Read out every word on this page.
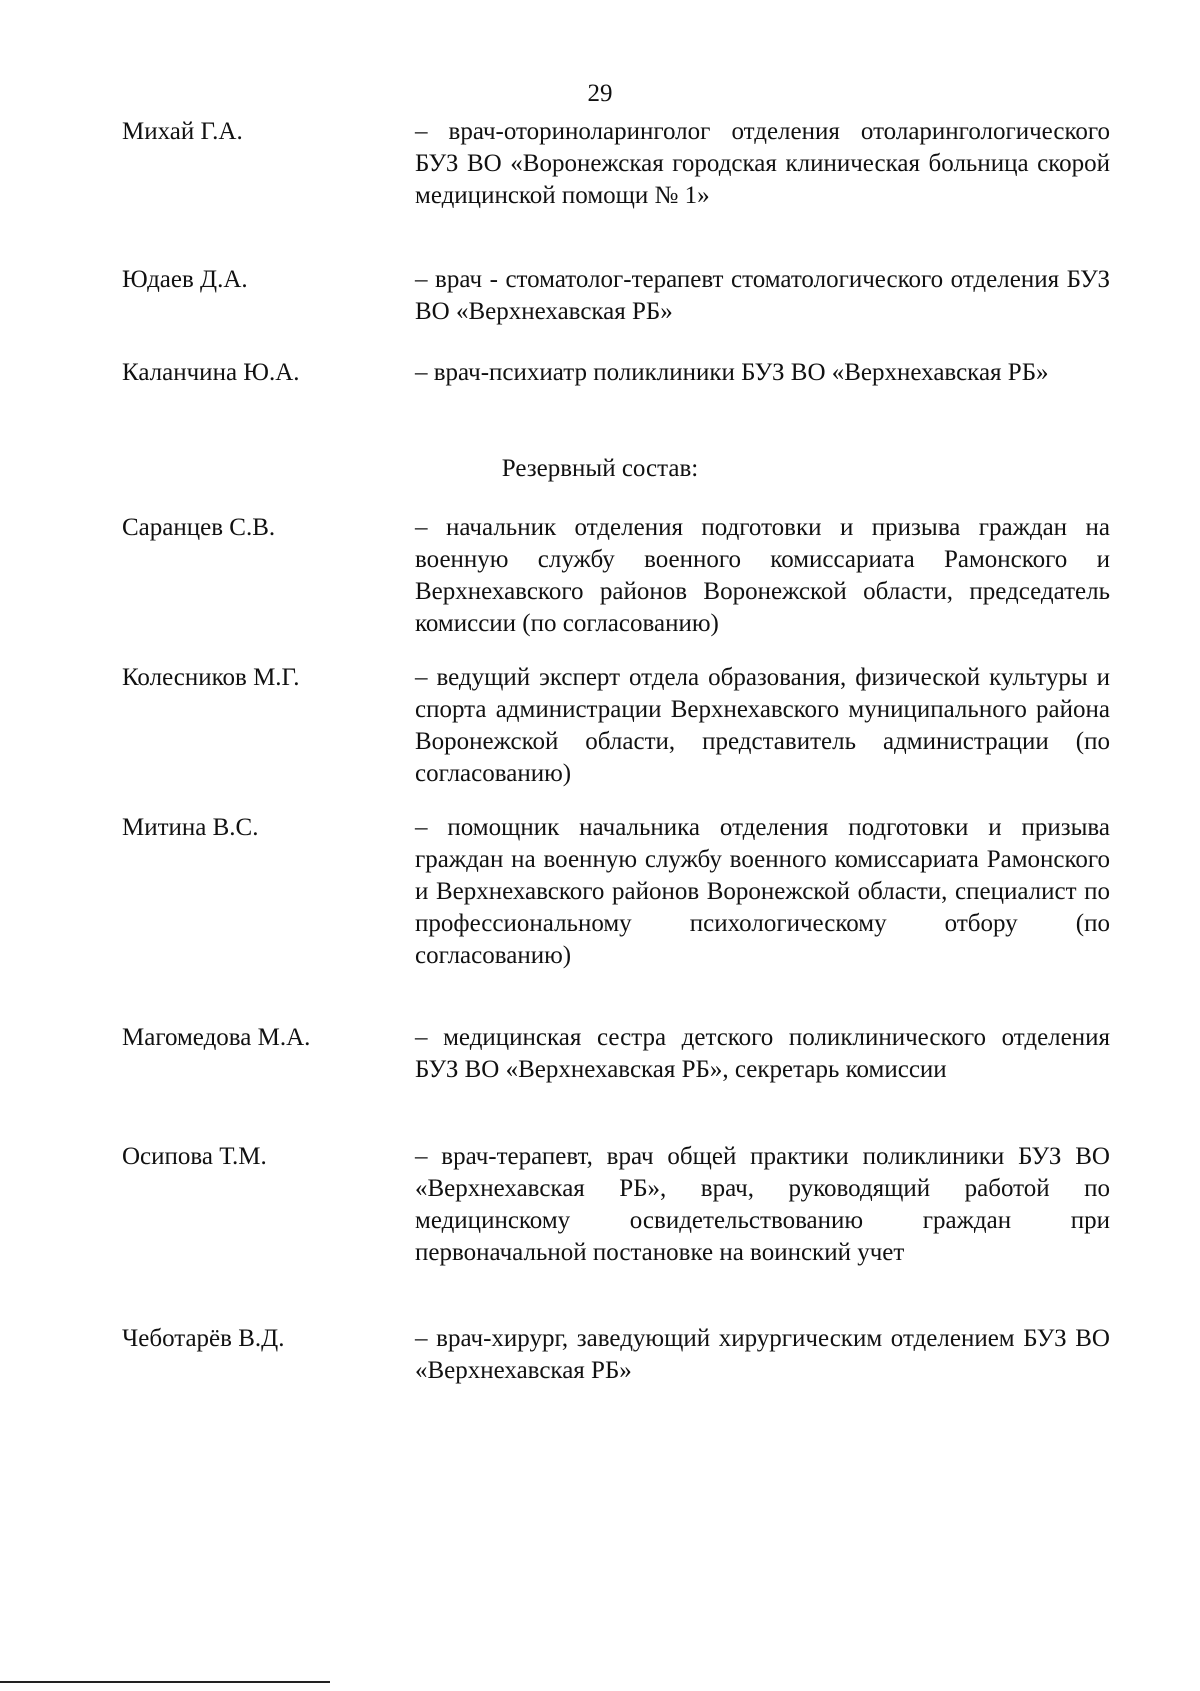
29
Михай Г.А.	– врач-оториноларинголог отделения отоларингологического БУЗ ВО «Воронежская городская клиническая больница скорой медицинской помощи № 1»
Юдаев Д.А.	– врач - стоматолог-терапевт стоматологического отделения БУЗ ВО «Верхнехавская РБ»
Каланчина Ю.А.	– врач-психиатр поликлиники БУЗ ВО «Верхнехавская РБ»
Резервный состав:
Саранцев С.В.	– начальник отделения подготовки и призыва граждан на военную службу военного комиссариата Рамонского и Верхнехавского районов Воронежской области, председатель комиссии (по согласованию)
Колесников М.Г.	– ведущий эксперт отдела образования, физической культуры и спорта администрации Верхнехавского муниципального района Воронежской области, представитель администрации (по согласованию)
Митина В.С.	– помощник начальника отделения подготовки и призыва граждан на военную службу военного комиссариата Рамонского и Верхнехавского районов Воронежской области, специалист по профессиональному психологическому отбору (по согласованию)
Магомедова М.А.	– медицинская сестра детского поликлинического отделения БУЗ ВО «Верхнехавская РБ», секретарь комиссии
Осипова Т.М.	– врач-терапевт, врач общей практики поликлиники БУЗ ВО «Верхнехавская РБ», врач, руководящий работой по медицинскому освидетельствованию граждан при первоначальной постановке на воинский учет
Чеботарёв В.Д.	– врач-хирург, заведующий хирургическим отделением БУЗ ВО «Верхнехавская РБ»
